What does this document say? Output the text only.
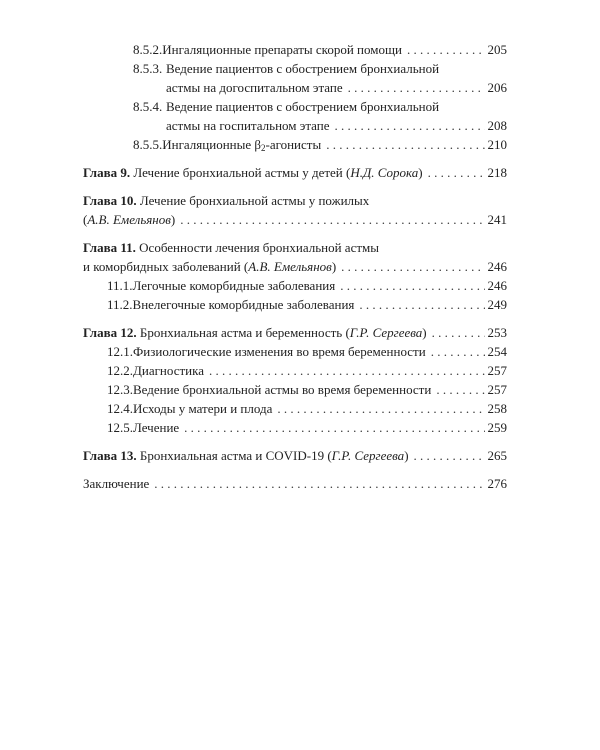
8.5.2. Ингаляционные препараты скорой помощи . . .	205
8.5.3. Ведение пациентов с обострением бронхиальной
астмы на догоспитальном этапе . . .	206
8.5.4. Ведение пациентов с обострением бронхиальной
астмы на госпитальном этапе . . .	208
8.5.5. Ингаляционные $\beta_2$-агонисты . . .	210
Глава 9. Лечение бронхиальной астмы у детей (Н.Д. Сорока) . . .	218
Глава 10. Лечение бронхиальной астмы у пожилых
(А.В. Емельянов) . . .	241
Глава 11. Особенности лечения бронхиальной астмы
и коморбидных заболеваний (А.В. Емельянов) . . .	246
11.1. Легочные коморбидные заболевания . . .	246
11.2. Внелегочные коморбидные заболевания . . .	249
Глава 12. Бронхиальная астма и беременность (Г.Р. Сергеева) . . .	253
12.1. Физиологические изменения во время беременности . . .	254
12.2. Диагностика . . .	257
12.3. Ведение бронхиальной астмы во время беременности . . .	257
12.4. Исходы у матери и плода . . .	258
12.5. Лечение . . .	259
Глава 13. Бронхиальная астма и COVID-19 (Г.Р. Сергеева) . . .	265
Заключение . . .	276
